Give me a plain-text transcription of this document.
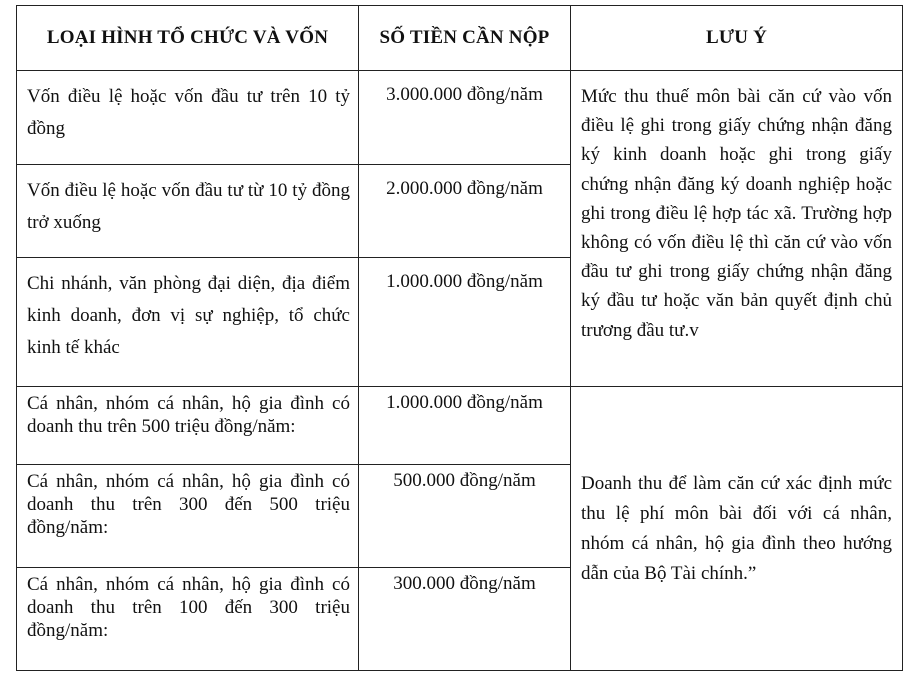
LOẠI HÌNH TỔ CHỨC VÀ VỐN	SỐ TIỀN CẦN NỘP	LƯU Ý
Vốn điều lệ hoặc vốn đầu tư trên 10 tỷ đồng	3.000.000 đồng/năm	Mức thu thuế môn bài căn cứ vào vốn điều lệ ghi trong giấy chứng nhận đăng ký kinh doanh hoặc ghi trong giấy chứng nhận đăng ký doanh nghiệp hoặc ghi trong điều lệ hợp tác xã. Trường hợp không có vốn điều lệ thì căn cứ vào vốn đầu tư ghi trong giấy chứng nhận đăng ký đầu tư hoặc văn bản quyết định chủ trương đầu tư.v
Vốn điều lệ hoặc vốn đầu tư từ 10 tỷ đồng trở xuống	2.000.000 đồng/năm	
Chi nhánh, văn phòng đại diện, địa điểm kinh doanh, đơn vị sự nghiệp, tổ chức kinh tế khác	1.000.000 đồng/năm	
Cá nhân, nhóm cá nhân, hộ gia đình có doanh thu trên 500 triệu đồng/năm:	1.000.000 đồng/năm	Doanh thu để làm căn cứ xác định mức thu lệ phí môn bài đối với cá nhân, nhóm cá nhân, hộ gia đình theo hướng dẫn của Bộ Tài chính.”
Cá nhân, nhóm cá nhân, hộ gia đình có doanh thu trên 300 đến 500 triệu đồng/năm:	500.000 đồng/năm	
Cá nhân, nhóm cá nhân, hộ gia đình có doanh thu trên 100 đến 300 triệu đồng/năm:	300.000 đồng/năm	
